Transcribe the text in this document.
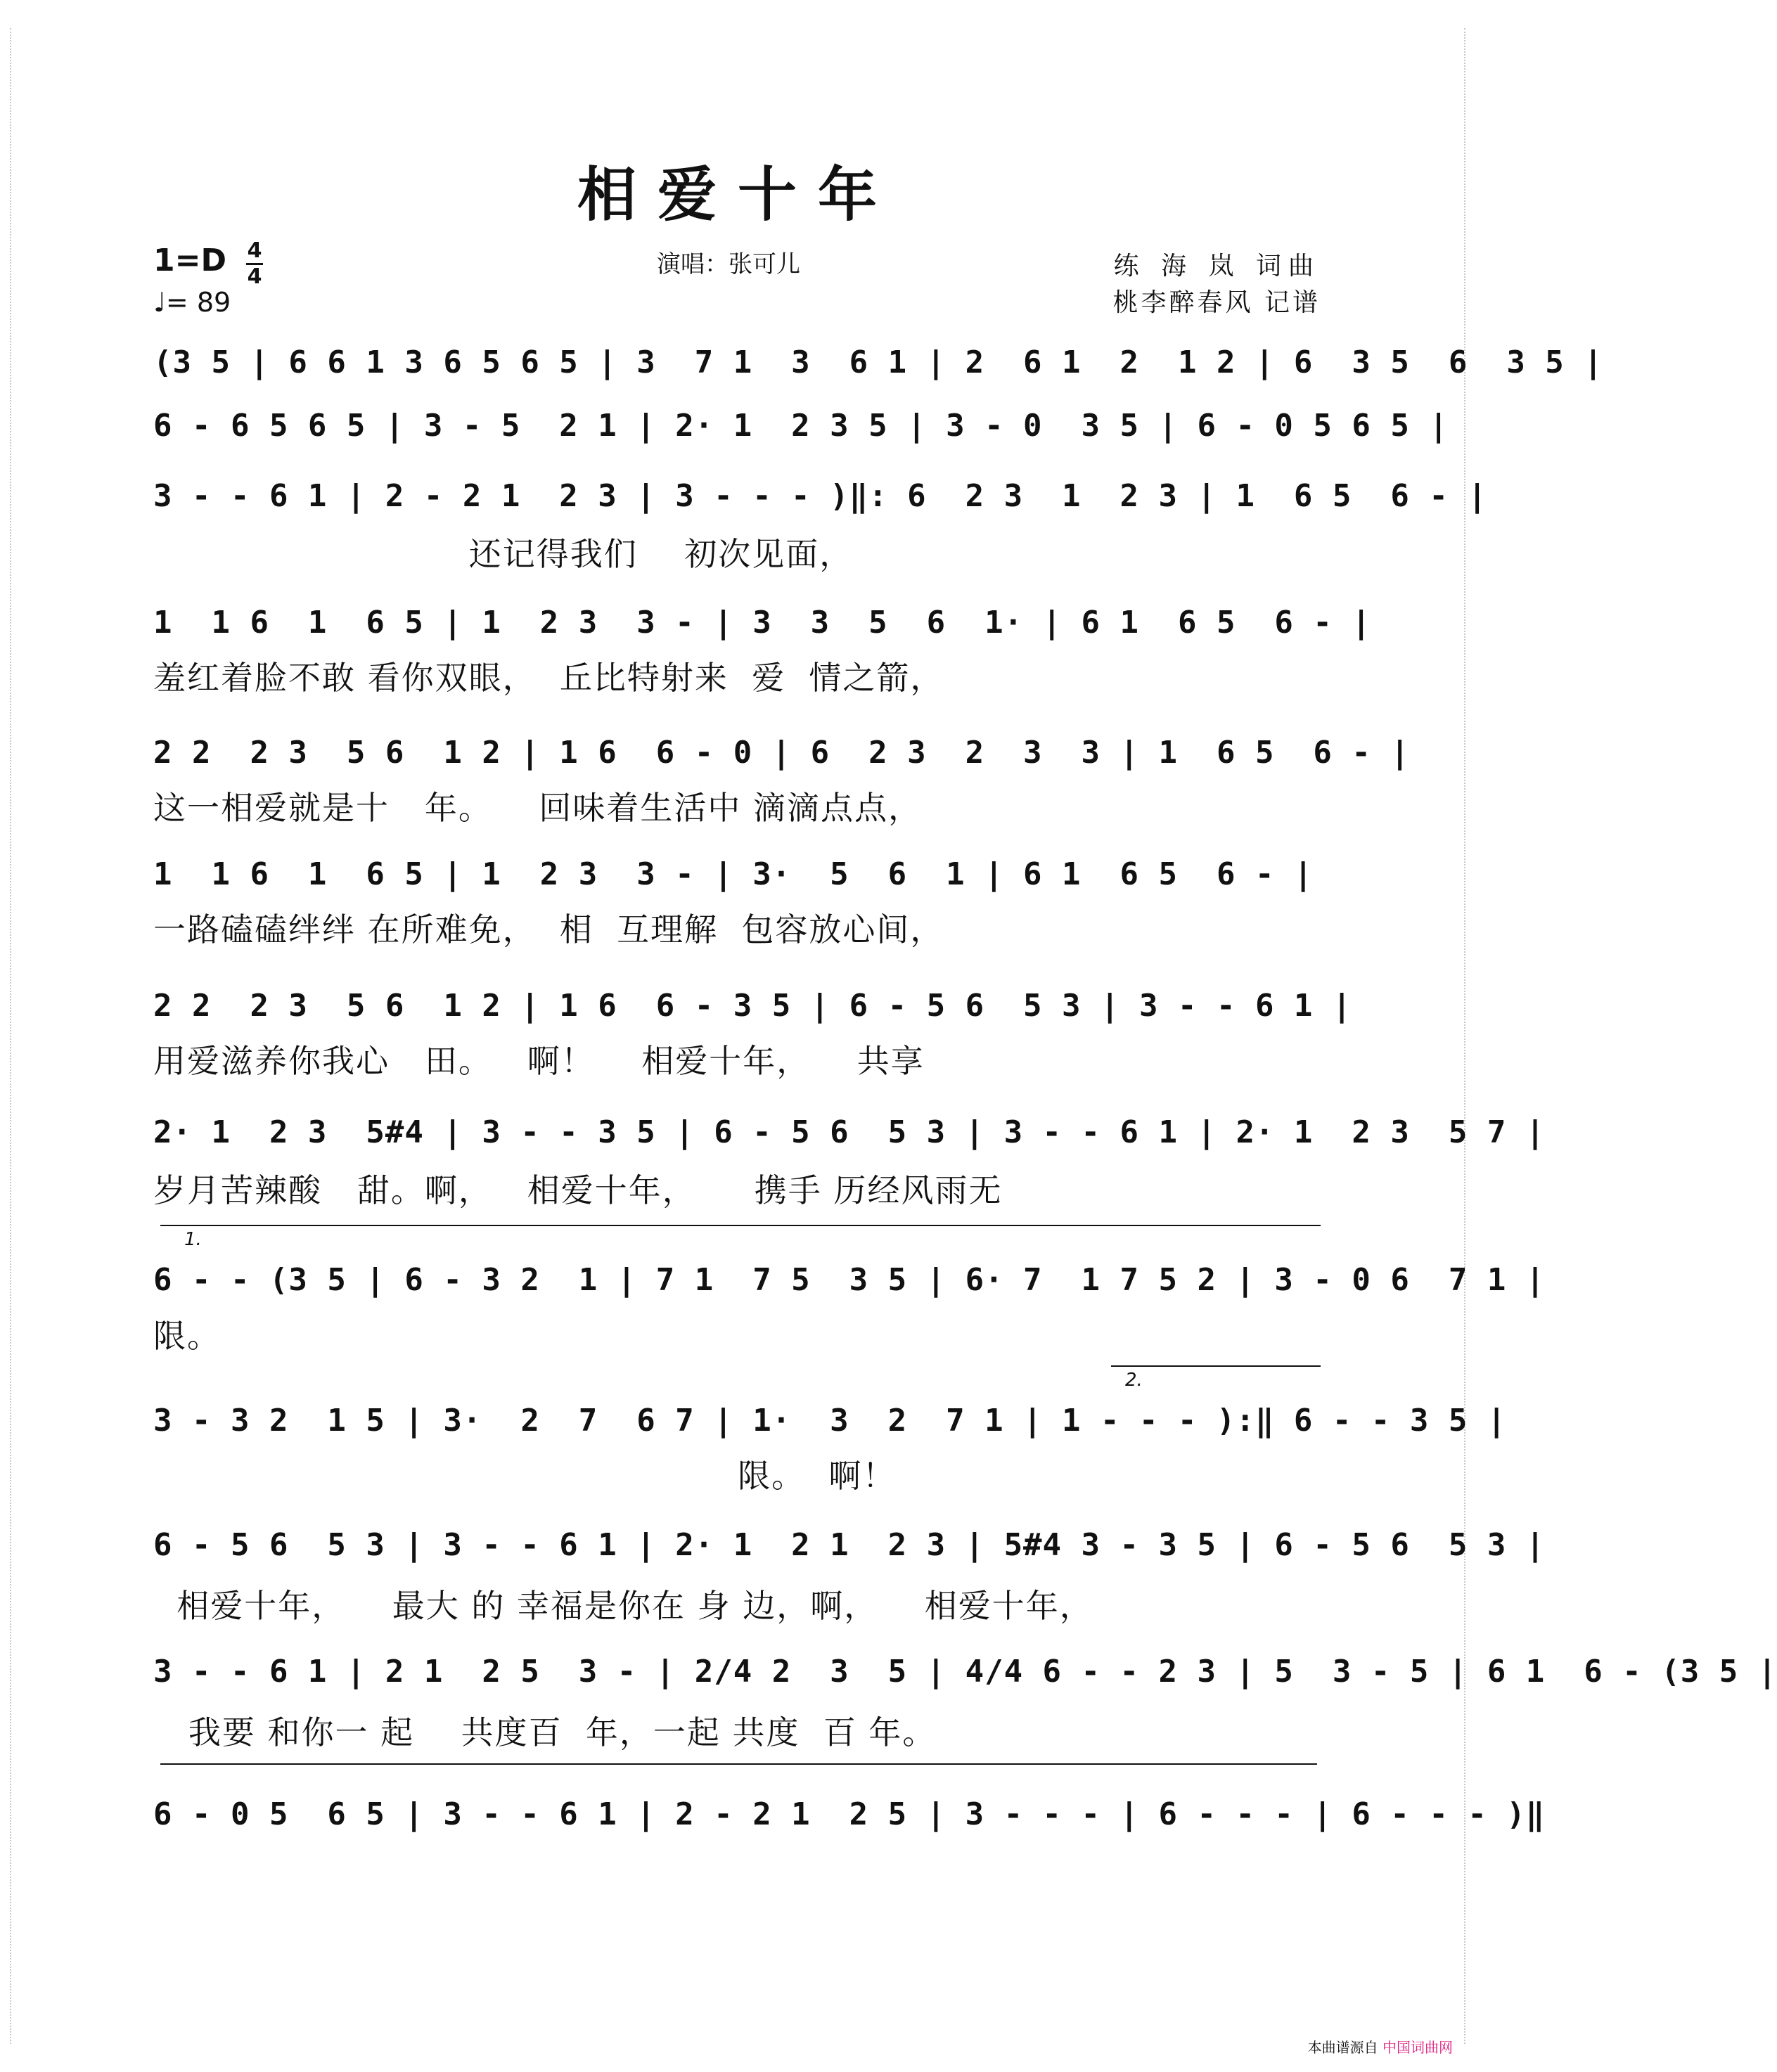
相爱十年
1=D 4
4
♩= 89
演唱：张可儿	练 海 岚 词曲
桃李醉春风 记谱
(3 5 | 6 6 1 3 6 5 6 5 | 3  7 1  3  6 1 | 2  6 1  2  1 2 | 6  3 5  6  3 5 |
6 - 6 5 6 5 | 3 - 5  2 1 | 2· 1  2 3 5 | 3 - 0  3 5 | 6 - 0 5 6 5 |
3 - - 6 1 | 2 - 2 1  2 3 | 3 - - - )‖: 6  2 3  1  2 3 | 1  6 5  6 - |
还记得我们    初次见面，
1  1 6  1  6 5 | 1  2 3  3 - | 3  3  5  6  1· | 6 1  6 5  6 - |
羞红着脸不敢 看你双眼，  丘比特射来  爱  情之箭，
2 2  2 3  5 6  1 2 | 1 6  6 - 0 | 6  2 3  2  3  3 | 1  6 5  6 - |
这一相爱就是十   年。    回味着生活中 滴滴点点，
1  1 6  1  6 5 | 1  2 3  3 - | 3·  5  6  1 | 6 1  6 5  6 - |
一路磕磕绊绊 在所难免，  相  互理解  包容放心间，
2 2  2 3  5 6  1 2 | 1 6  6 - 3 5 | 6 - 5 6  5 3 | 3 - - 6 1 |
用爱滋养你我心   田。   啊！    相爱十年，    共享
2· 1  2 3  5#4 | 3 - - 3 5 | 6 - 5 6  5 3 | 3 - - 6 1 | 2· 1  2 3  5 7 |
岁月苦辣酸   甜。啊，   相爱十年，     携手 历经风雨无
1.
6 - - (3 5 | 6 - 3 2  1 | 7 1  7 5  3 5 | 6· 7  1 7 5 2 | 3 - 0 6  7 1 |
限。
2.
3 - 3 2  1 5 | 3·  2  7  6 7 | 1·  3  2  7 1 | 1 - - - ):‖ 6 - - 3 5 |
限。  啊！
6 - 5 6  5 3 | 3 - - 6 1 | 2· 1  2 1  2 3 | 5#4 3 - 3 5 | 6 - 5 6  5 3 |
相爱十年，    最大 的 幸福是你在 身 边，啊，    相爱十年，
3 - - 6 1 | 2 1  2 5  3 - | 2/4 2  3  5 | 4/4 6 - - 2 3 | 5  3 - 5 | 6 1  6 - (3 5 |
我要 和你一 起    共度百  年，一起 共度  百 年。
6 - 0 5  6 5 | 3 - - 6 1 | 2 - 2 1  2 5 | 3 - - - | 6 - - - | 6 - - - )‖
本曲谱源自 中国词曲网
